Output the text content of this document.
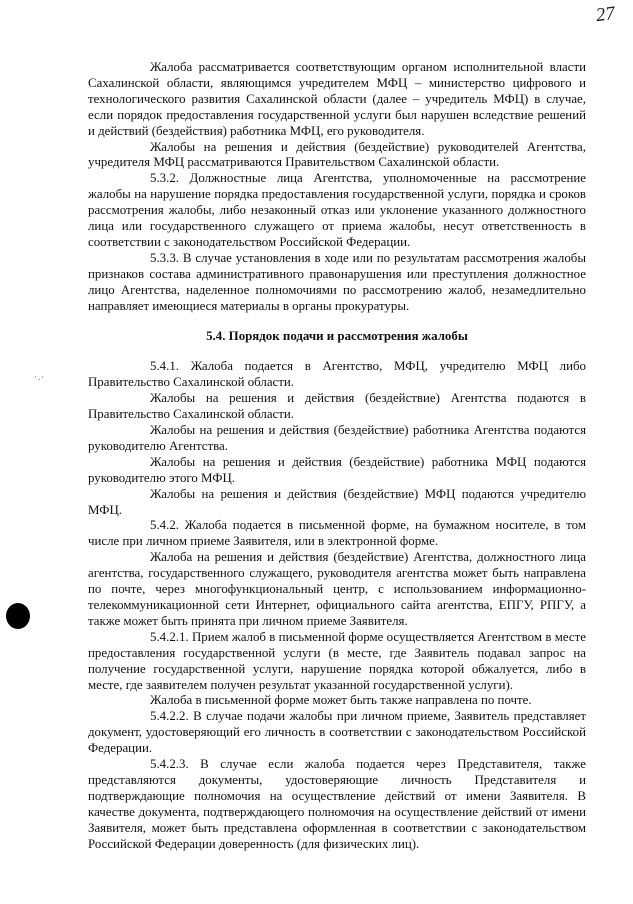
27
·.·

Жалоба рассматривается соответствующим органом исполнительной власти Сахалинской области, являющимся учредителем МФЦ – министерство цифрового и технологического развития Сахалинской области (далее – учредитель МФЦ) в случае, если порядок предоставления государственной услуги был нарушен вследствие решений и действий (бездействия) работника МФЦ, его руководителя.

Жалобы на решения и действия (бездействие) руководителей Агентства, учредителя МФЦ рассматриваются Правительством Сахалинской области.

5.3.2. Должностные лица Агентства, уполномоченные на рассмотрение жалобы на нарушение порядка предоставления государственной услуги, порядка и сроков рассмотрения жалобы, либо незаконный отказ или уклонение указанного должностного лица или государственного служащего от приема жалобы, несут ответственность в соответствии с законодательством Российской Федерации.

5.3.3. В случае установления в ходе или по результатам рассмотрения жалобы признаков состава административного правонарушения или преступления должностное лицо Агентства, наделенное полномочиями по рассмотрению жалоб, незамедлительно направляет имеющиеся материалы в органы прокуратуры.

5.4. Порядок подачи и рассмотрения жалобы

5.4.1. Жалоба подается в Агентство, МФЦ, учредителю МФЦ либо Правительство Сахалинской области.

Жалобы на решения и действия (бездействие) Агентства подаются в Правительство Сахалинской области.

Жалобы на решения и действия (бездействие) работника Агентства подаются руководителю Агентства.

Жалобы на решения и действия (бездействие) работника МФЦ подаются руководителю этого МФЦ.

Жалобы на решения и действия (бездействие) МФЦ подаются учредителю МФЦ.

5.4.2. Жалоба подается в письменной форме, на бумажном носителе, в том числе при личном приеме Заявителя, или в электронной форме.

Жалоба на решения и действия (бездействие) Агентства, должностного лица агентства, государственного служащего, руководителя агентства может быть направлена по почте, через многофункциональный центр, с использованием информационно-телекоммуникационной сети Интернет, официального сайта агентства, ЕПГУ, РПГУ, а также может быть принята при личном приеме Заявителя.

5.4.2.1. Прием жалоб в письменной форме осуществляется Агентством в месте предоставления государственной услуги (в месте, где Заявитель подавал запрос на получение государственной услуги, нарушение порядка которой обжалуется, либо в месте, где заявителем получен результат указанной государственной услуги).

Жалоба в письменной форме может быть также направлена по почте.

5.4.2.2. В случае подачи жалобы при личном приеме, Заявитель представляет документ, удостоверяющий его личность в соответствии с законодательством Российской Федерации.

5.4.2.3. В случае если жалоба подается через Представителя, также представляются документы, удостоверяющие личность Представителя и подтверждающие полномочия на осуществление действий от имени Заявителя. В качестве документа, подтверждающего полномочия на осуществление действий от имени Заявителя, может быть представлена оформленная в соответствии с законодательством Российской Федерации доверенность (для физических лиц).
